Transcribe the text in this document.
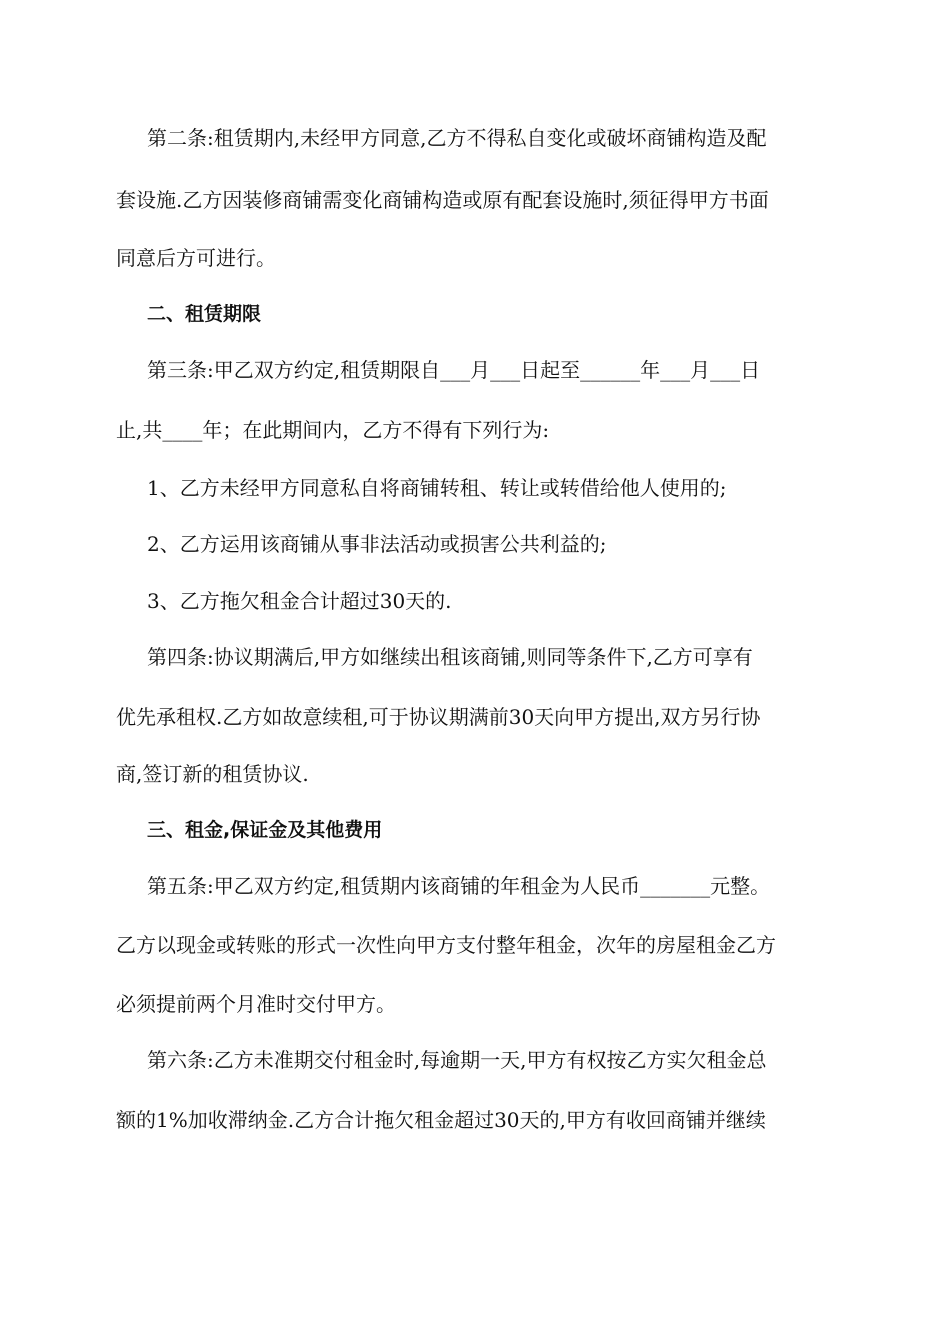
第二条:租赁期内,未经甲方同意,乙方不得私自变化或破坏商铺构造及配
套设施.乙方因装修商铺需变化商铺构造或原有配套设施时,须征得甲方书面
同意后方可进行。
二、租赁期限
第三条:甲乙双方约定,租赁期限自___月___日起至______年___月___日
止,共____年；在此期间内，乙方不得有下列行为:
1、乙方未经甲方同意私自将商铺转租、转让或转借给他人使用的;
2、乙方运用该商铺从事非法活动或损害公共利益的;
3、乙方拖欠租金合计超过30天的.
第四条:协议期满后,甲方如继续出租该商铺,则同等条件下,乙方可享有
优先承租权.乙方如故意续租,可于协议期满前30天向甲方提出,双方另行协
商,签订新的租赁协议.
三、租金,保证金及其他费用
第五条:甲乙双方约定,租赁期内该商铺的年租金为人民币_______元整。
乙方以现金或转账的形式一次性向甲方支付整年租金，次年的房屋租金乙方
必须提前两个月准时交付甲方。
第六条:乙方未准期交付租金时,每逾期一天,甲方有权按乙方实欠租金总
额的1%加收滞纳金.乙方合计拖欠租金超过30天的,甲方有收回商铺并继续
